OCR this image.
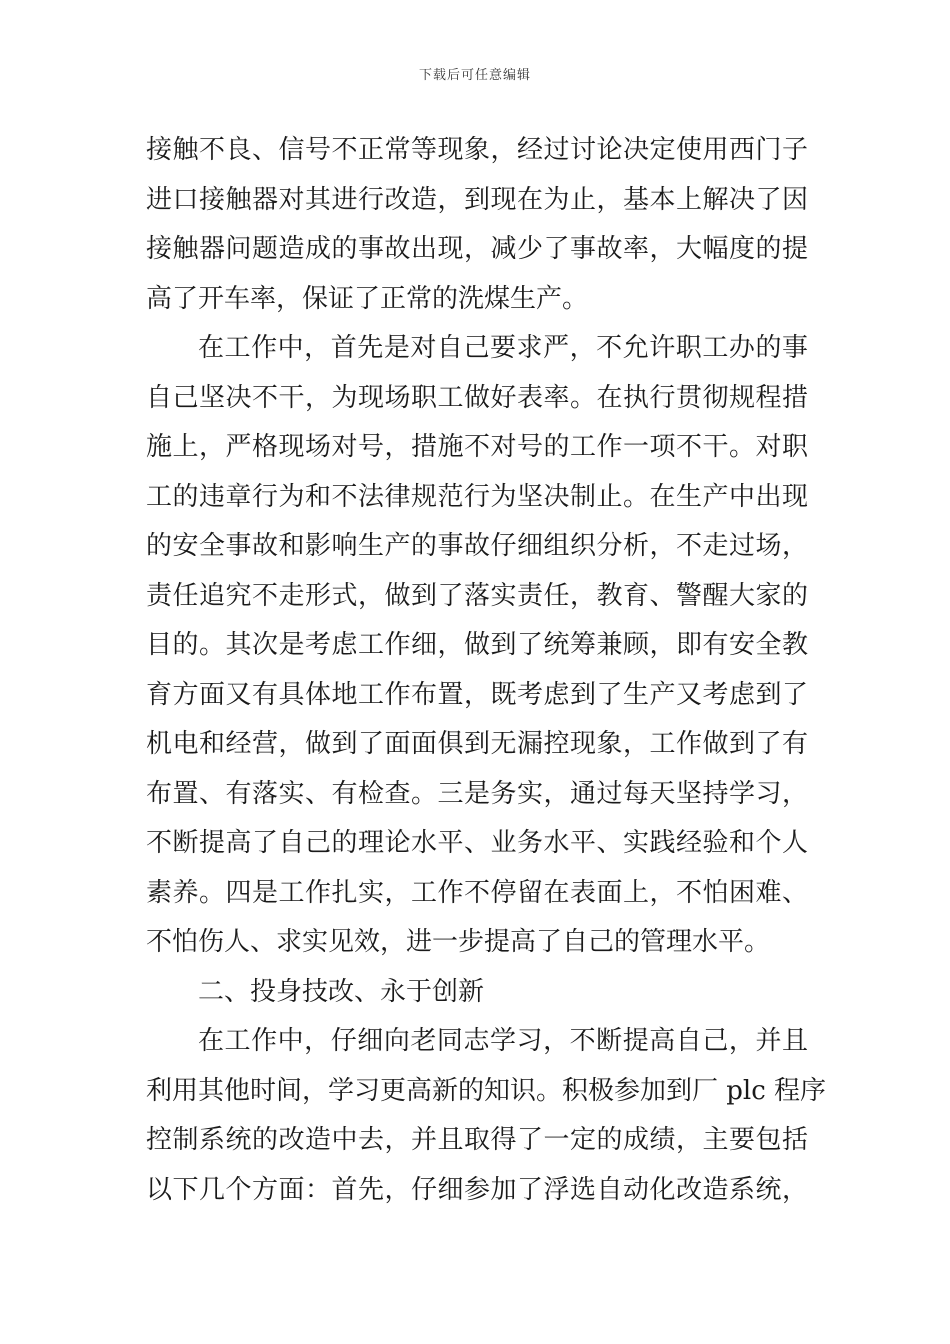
下载后可任意编辑
接触不良、信号不正常等现象，经过讨论决定使用西门子
进口接触器对其进行改造，到现在为止，基本上解决了因
接触器问题造成的事故出现，减少了事故率，大幅度的提
高了开车率，保证了正常的洗煤生产。
在工作中，首先是对自己要求严，不允许职工办的事
自己坚决不干，为现场职工做好表率。在执行贯彻规程措
施上，严格现场对号，措施不对号的工作一项不干。对职
工的违章行为和不法律规范行为坚决制止。在生产中出现
的安全事故和影响生产的事故仔细组织分析，不走过场，
责任追究不走形式，做到了落实责任，教育、警醒大家的
目的。其次是考虑工作细，做到了统筹兼顾，即有安全教
育方面又有具体地工作布置，既考虑到了生产又考虑到了
机电和经营，做到了面面俱到无漏控现象，工作做到了有
布置、有落实、有检查。三是务实，通过每天坚持学习，
不断提高了自己的理论水平、业务水平、实践经验和个人
素养。四是工作扎实，工作不停留在表面上，不怕困难、
不怕伤人、求实见效，进一步提高了自己的管理水平。
二、投身技改、永于创新
在工作中，仔细向老同志学习，不断提高自己，并且
利用其他时间，学习更高新的知识。积极参加到厂 plc 程序
控制系统的改造中去，并且取得了一定的成绩，主要包括
以下几个方面：首先，仔细参加了浮选自动化改造系统，
